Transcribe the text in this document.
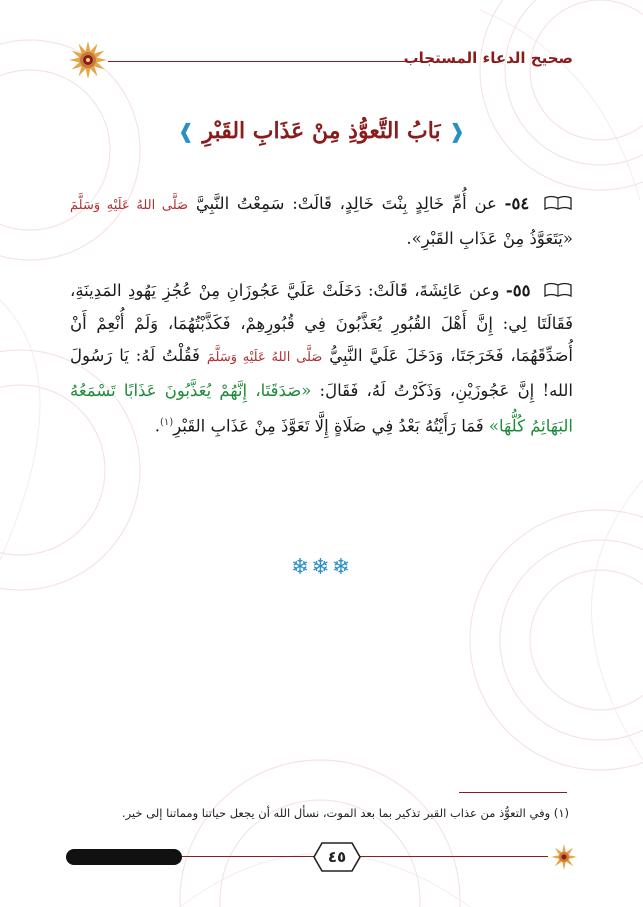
صحيح الدعاء المستجاب
❰
بَابُ التَّعوُّذِ مِنْ عَذَابِ القَبْرِ
❱

٥٤- عن أُمِّ خَالِدٍ بِنْتَ خَالِدٍ، قَالَتْ: سَمِعْتُ النَّبِيَّ صَلَّى اللهُ عَلَيْهِ وَسَلَّمَ «يَتَعَوَّذُ مِنْ عَذَابِ القَبْرِ».

٥٥- وعن عَائِشَةَ، قَالَتْ: دَخَلَتْ عَلَيَّ عَجُوزَانِ مِنْ عُجُزِ يَهُودِ المَدِينَةِ، فَقَالَتَا لِي: إِنَّ أَهْلَ القُبُورِ يُعَذَّبُونَ فِي قُبُورِهِمْ، فَكَذَّبْتُهُمَا، وَلَمْ أُنْعِمْ أَنْ أُصَدِّقَهُمَا، فَخَرَجَتَا، وَدَخَلَ عَلَيَّ النَّبِيُّ صَلَّى اللهُ عَلَيْهِ وَسَلَّمَ فَقُلْتُ لَهُ: يَا رَسُولَ الله! إِنَّ عَجُوزَيْنِ، وَذَكَرْتُ لَهُ، فَقَالَ: «صَدَقَتَا، إِنَّهُمْ يُعَذَّبُونَ عَذَابًا تَسْمَعُهُ البَهَائِمُ كُلُّهَا» فَمَا رَأَيْتُهُ بَعْدُ فِي صَلَاةٍ إِلَّا تَعَوَّذَ مِنْ عَذَابِ القَبْرِ$^{(١)}$.

❄❄❄
(١) وفي التعوُّذ من عذاب القبر تذكير بما بعد الموت، نسأل الله أن يجعل حياتنا ومماتنا إلى خير.
٤٥
